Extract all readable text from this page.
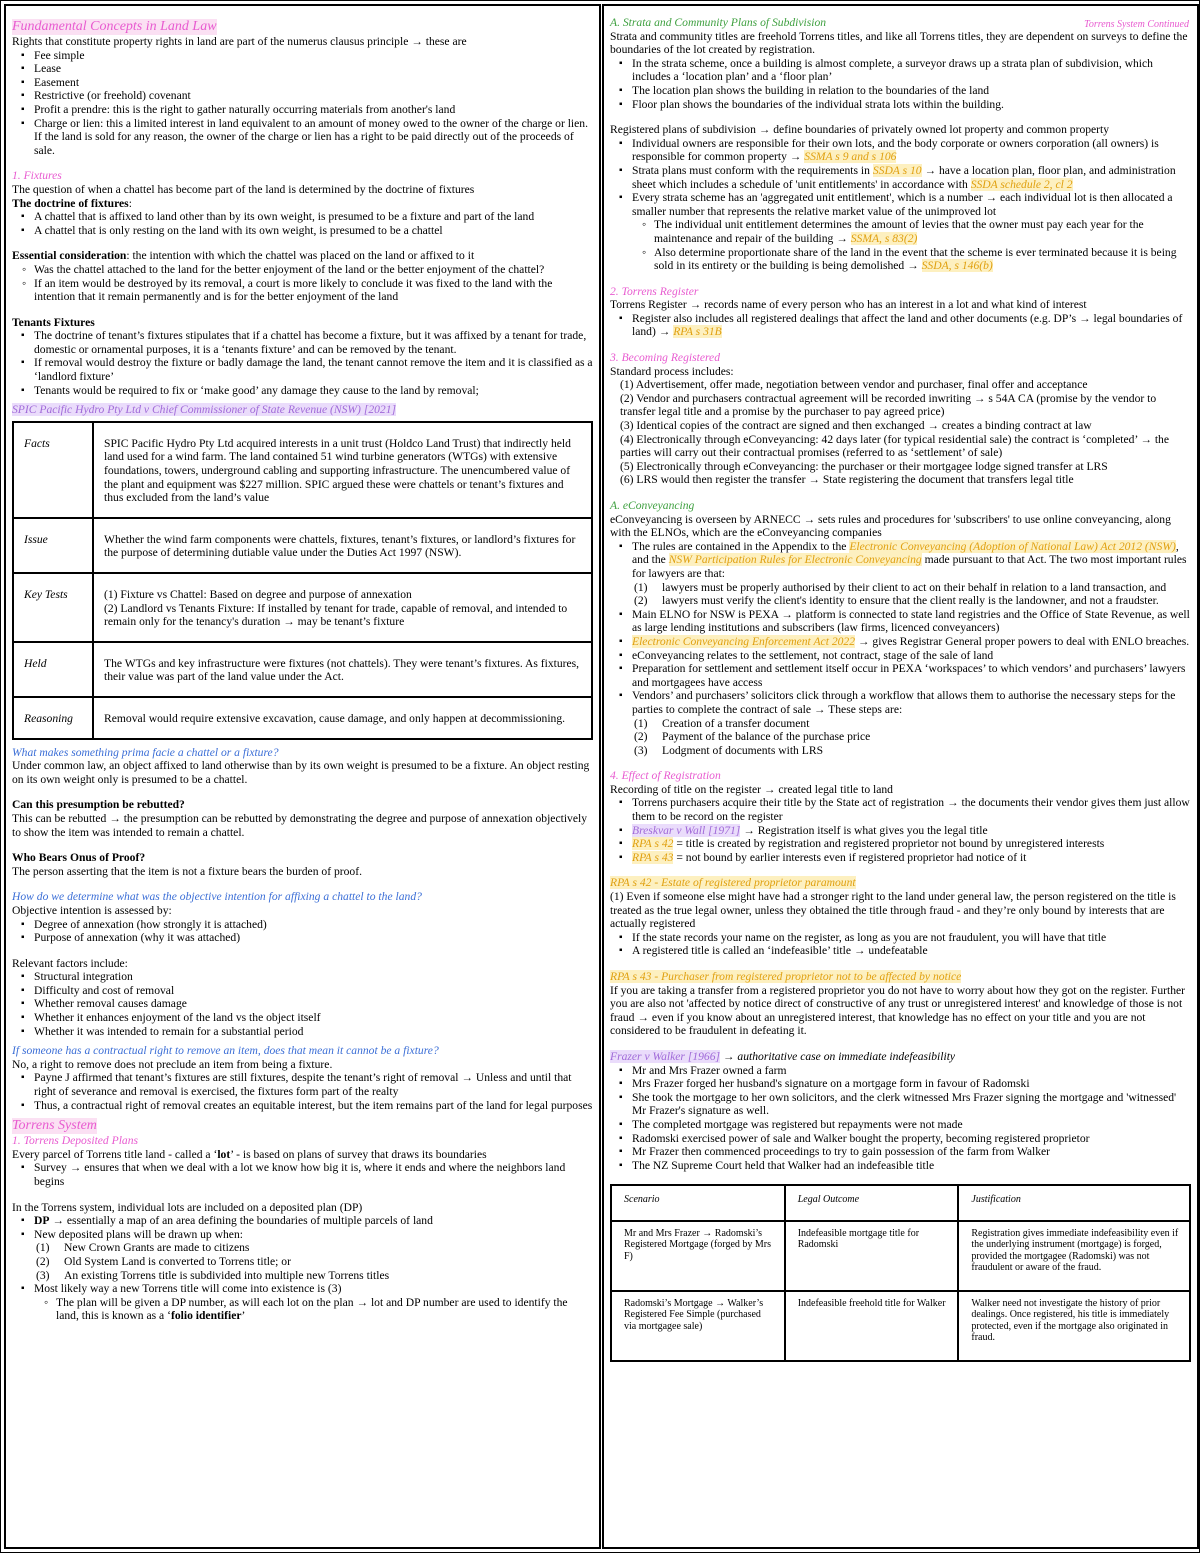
Fundamental Concepts in Land Law

Rights that constitute property rights in land are part of the numerus clausus principle → these are

▪ Fee simple
▪ Lease
▪ Easement
▪ Restrictive (or freehold) covenant
▪ Profit a prendre: this is the right to gather naturally occurring materials from another's land
▪ Charge or lien: this a limited interest in land equivalent to an amount of money owed to the owner of the charge or lien. If the land is sold for any reason, the owner of the charge or lien has a right to be paid directly out of the proceeds of sale.
1. Fixtures

The question of when a chattel has become part of the land is determined by the doctrine of fixtures

The doctrine of fixtures:

▪ A chattel that is affixed to land other than by its own weight, is presumed to be a fixture and part of the land
▪ A chattel that is only resting on the land with its own weight, is presumed to be a chattel

Essential consideration: the intention with which the chattel was placed on the land or affixed to it

◦ Was the chattel attached to the land for the better enjoyment of the land or the better enjoyment of the chattel?
◦ If an item would be destroyed by its removal, a court is more likely to conclude it was fixed to the land with the intention that it remain permanently and is for the better enjoyment of the land

Tenants Fixtures

▪ The doctrine of tenant’s fixtures stipulates that if a chattel has become a fixture, but it was affixed by a tenant for trade, domestic or ornamental purposes, it is a ‘tenants fixture’ and can be removed by the tenant.
▪ If removal would destroy the fixture or badly damage the land, the tenant cannot remove the item and it is classified as a ‘landlord fixture’
▪ Tenants would be required to fix or ‘make good’ any damage they cause to the land by removal;
SPIC Pacific Hydro Pty Ltd v Chief Commissioner of State Revenue (NSW) [2021]
Facts	SPIC Pacific Hydro Pty Ltd acquired interests in a unit trust (Holdco Land Trust) that indirectly held land used for a wind farm. The land contained 51 wind turbine generators (WTGs) with extensive foundations, towers, underground cabling and supporting infrastructure. The unencumbered value of the plant and equipment was $227 million. SPIC argued these were chattels or tenant’s fixtures and thus excluded from the land’s value
Issue	Whether the wind farm components were chattels, fixtures, tenant’s fixtures, or landlord’s fixtures for the purpose of determining dutiable value under the Duties Act 1997 (NSW).
Key Tests	(1) Fixture vs Chattel: Based on degree and purpose of annexation
(2) Landlord vs Tenants Fixture: If installed by tenant for trade, capable of removal, and intended to remain only for the tenancy's duration → may be tenant’s fixture
Held	The WTGs and key infrastructure were fixtures (not chattels). They were tenant’s fixtures. As fixtures, their value was part of the land value under the Act.
Reasoning	Removal would require extensive excavation, cause damage, and only happen at decommissioning.
What makes something prima facie a chattel or a fixture?

Under common law, an object affixed to land otherwise than by its own weight is presumed to be a fixture. An object resting on its own weight only is presumed to be a chattel.

Can this presumption be rebutted?

This can be rebutted → the presumption can be rebutted by demonstrating the degree and purpose of annexation objectively to show the item was intended to remain a chattel.

Who Bears Onus of Proof?

The person asserting that the item is not a fixture bears the burden of proof.

How do we determine what was the objective intention for affixing a chattel to the land?

Objective intention is assessed by:

▪ Degree of annexation (how strongly it is attached)
▪ Purpose of annexation (why it was attached)

Relevant factors include:

▪ Structural integration
▪ Difficulty and cost of removal
▪ Whether removal causes damage
▪ Whether it enhances enjoyment of the land vs the object itself
▪ Whether it was intended to remain for a substantial period
If someone has a contractual right to remove an item, does that mean it cannot be a fixture?

No, a right to remove does not preclude an item from being a fixture.

▪ Payne J affirmed that tenant’s fixtures are still fixtures, despite the tenant’s right of removal → Unless and until that right of severance and removal is exercised, the fixtures form part of the realty
▪ Thus, a contractual right of removal creates an equitable interest, but the item remains part of the land for legal purposes
Torrens System
1. Torrens Deposited Plans

Every parcel of Torrens title land - called a ‘lot’ - is based on plans of survey that draws its boundaries

▪ Survey → ensures that when we deal with a lot we know how big it is, where it ends and where the neighbors land begins

In the Torrens system, individual lots are included on a deposited plan (DP)

▪ DP → essentially a map of an area defining the boundaries of multiple parcels of land
▪ New deposited plans will be drawn up when:
(1) New Crown Grants are made to citizens
(2) Old System Land is converted to Torrens title; or
(3) An existing Torrens title is subdivided into multiple new Torrens titles
▪ Most likely way a new Torrens title will come into existence is (3)
◦ The plan will be given a DP number, as will each lot on the plan → lot and DP number are used to identify the land, this is known as a ‘folio identifier’
Torrens System Continued
A. Strata and Community Plans of Subdivision

Strata and community titles are freehold Torrens titles, and like all Torrens titles, they are dependent on surveys to define the boundaries of the lot created by registration.

▪ In the strata scheme, once a building is almost complete, a surveyor draws up a strata plan of subdivision, which includes a ‘location plan’ and a ‘floor plan’
▪ The location plan shows the building in relation to the boundaries of the land
▪ Floor plan shows the boundaries of the individual strata lots within the building.

Registered plans of subdivision → define boundaries of privately owned lot property and common property

▪ Individual owners are responsible for their own lots, and the body corporate or owners corporation (all owners) is responsible for common property → SSMA s 9 and s 106
▪ Strata plans must conform with the requirements in SSDA s 10 → have a location plan, floor plan, and administration sheet which includes a schedule of 'unit entitlements' in accordance with SSDA schedule 2, cl 2
▪ Every strata scheme has an 'aggregated unit entitlement', which is a number → each individual lot is then allocated a smaller number that represents the relative market value of the unimproved lot
◦ The individual unit entitlement determines the amount of levies that the owner must pay each year for the maintenance and repair of the building → SSMA, s 83(2)
◦ Also determine proportionate share of the land in the event that the scheme is ever terminated because it is being sold in its entirety or the building is being demolished → SSDA, s 146(b)
2. Torrens Register

Torrens Register → records name of every person who has an interest in a lot and what kind of interest

▪ Register also includes all registered dealings that affect the land and other documents (e.g. DP’s → legal boundaries of land) → RPA s 31B
3. Becoming Registered

Standard process includes:

(1) Advertisement, offer made, negotiation between vendor and purchaser, final offer and acceptance

(2) Vendor and purchasers contractual agreement will be recorded inwriting → s 54A CA (promise by the vendor to transfer legal title and a promise by the purchaser to pay agreed price)

(3) Identical copies of the contract are signed and then exchanged → creates a binding contract at law

(4) Electronically through eConveyancing: 42 days later (for typical residential sale) the contract is ‘completed’ → the parties will carry out their contractual promises (referred to as ‘settlement’ of sale)

(5) Electronically through eConveyancing: the purchaser or their mortgagee lodge signed transfer at LRS

(6) LRS would then register the transfer → State registering the document that transfers legal title

A. eConveyancing

eConveyancing is overseen by ARNECC → sets rules and procedures for 'subscribers' to use online conveyancing, along with the ELNOs, which are the eConveyancing companies

▪ The rules are contained in the Appendix to the Electronic Conveyancing (Adoption of National Law) Act 2012 (NSW), and the NSW Participation Rules for Electronic Conveyancing made pursuant to that Act. The two most important rules for lawyers are that:
(1) lawyers must be properly authorised by their client to act on their behalf in relation to a land transaction, and
(2) lawyers must verify the client's identity to ensure that the client really is the landowner, and not a fraudster.
▪ Main ELNO for NSW is PEXA → platform is connected to state land registries and the Office of State Revenue, as well as large lending institutions and subscribers (law firms, licenced conveyancers)
▪ Electronic Conveyancing Enforcement Act 2022 → gives Registrar General proper powers to deal with ENLO breaches.
▪ eConveyancing relates to the settlement, not contract, stage of the sale of land
▪ Preparation for settlement and settlement itself occur in PEXA ‘workspaces’ to which vendors’ and purchasers’ lawyers and mortgagees have access
▪ Vendors’ and purchasers’ solicitors click through a workflow that allows them to authorise the necessary steps for the parties to complete the contract of sale → These steps are:
(1) Creation of a transfer document
(2) Payment of the balance of the purchase price
(3) Lodgment of documents with LRS
4. Effect of Registration

Recording of title on the register → created legal title to land

▪ Torrens purchasers acquire their title by the State act of registration → the documents their vendor gives them just allow them to be record on the register
▪ Breskvar v Wall [1971] → Registration itself is what gives you the legal title
▪ RPA s 42 = title is created by registration and registered proprietor not bound by unregistered interests
▪ RPA s 43 = not bound by earlier interests even if registered proprietor had notice of it
RPA s 42 - Estate of registered proprietor paramount

(1) Even if someone else might have had a stronger right to the land under general law, the person registered on the title is treated as the true legal owner, unless they obtained the title through fraud - and they’re only bound by interests that are actually registered

▪ If the state records your name on the register, as long as you are not fraudulent, you will have that title
▪ A registered title is called an ‘indefeasible’ title → undefeatable
RPA s 43 - Purchaser from registered proprietor not to be affected by notice

If you are taking a transfer from a registered proprietor you do not have to worry about how they got on the register. Further you are also not 'affected by notice direct of constructive of any trust or unregistered interest' and knowledge of those is not fraud → even if you know about an unregistered interest, that knowledge has no effect on your title and you are not considered to be fraudulent in defeating it.

Frazer v Walker [1966] → authoritative case on immediate indefeasibility

▪ Mr and Mrs Frazer owned a farm
▪ Mrs Frazer forged her husband's signature on a mortgage form in favour of Radomski
▪ She took the mortgage to her own solicitors, and the clerk witnessed Mrs Frazer signing the mortgage and 'witnessed' Mr Frazer's signature as well.
▪ The completed mortgage was registered but repayments were not made
▪ Radomski exercised power of sale and Walker bought the property, becoming registered proprietor
▪ Mr Frazer then commenced proceedings to try to gain possession of the farm from Walker
▪ The NZ Supreme Court held that Walker had an indefeasible title
Scenario	Legal Outcome	Justification
Mr and Mrs Frazer → Radomski’s Registered Mortgage (forged by Mrs F)	Indefeasible mortgage title for Radomski	Registration gives immediate indefeasibility even if the underlying instrument (mortgage) is forged, provided the mortgagee (Radomski) was not fraudulent or aware of the fraud.
Radomski’s Mortgage → Walker’s Registered Fee Simple (purchased via mortgagee sale)	Indefeasible freehold title for Walker	Walker need not investigate the history of prior dealings. Once registered, his title is immediately protected, even if the mortgage also originated in fraud.
